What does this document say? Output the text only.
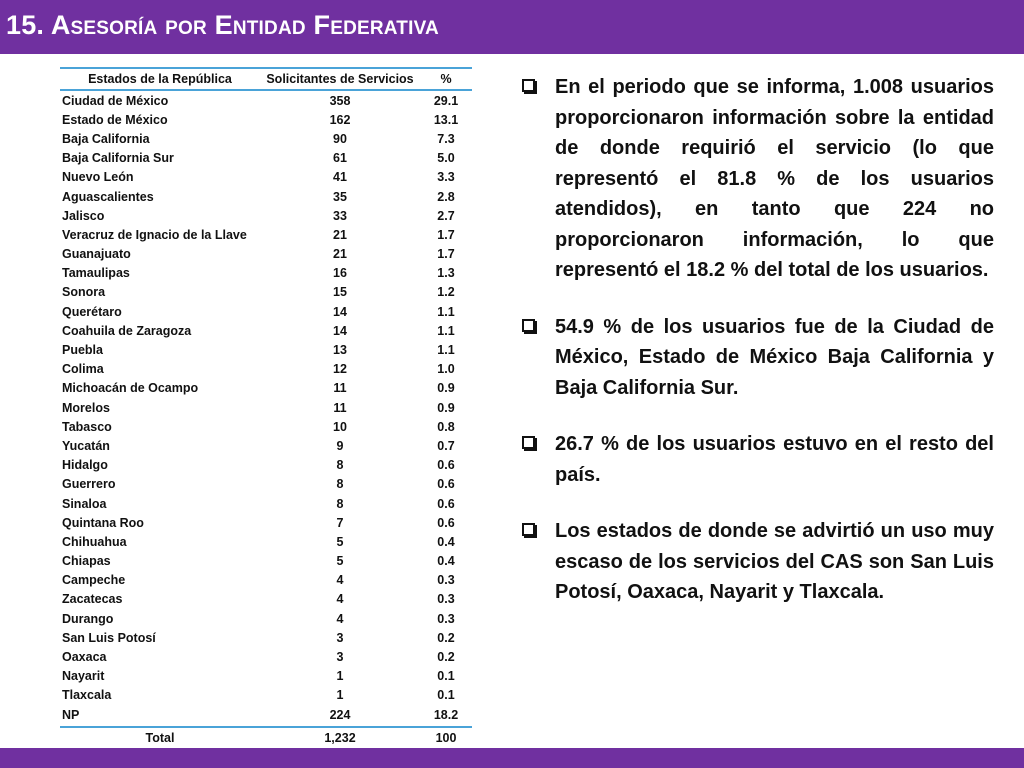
15. Asesoría por Entidad Federativa
Estados de la República	Solicitantes de Servicios	%
Ciudad de México	358	29.1
Estado de México	162	13.1
Baja California	90	7.3
Baja California Sur	61	5.0
Nuevo León	41	3.3
Aguascalientes	35	2.8
Jalisco	33	2.7
Veracruz de Ignacio de la Llave	21	1.7
Guanajuato	21	1.7
Tamaulipas	16	1.3
Sonora	15	1.2
Querétaro	14	1.1
Coahuila de Zaragoza	14	1.1
Puebla	13	1.1
Colima	12	1.0
Michoacán de Ocampo	11	0.9
Morelos	11	0.9
Tabasco	10	0.8
Yucatán	9	0.7
Hidalgo	8	0.6
Guerrero	8	0.6
Sinaloa	8	0.6
Quintana Roo	7	0.6
Chihuahua	5	0.4
Chiapas	5	0.4
Campeche	4	0.3
Zacatecas	4	0.3
Durango	4	0.3
San Luis Potosí	3	0.2
Oaxaca	3	0.2
Nayarit	1	0.1
Tlaxcala	1	0.1
NP	224	18.2
Total	1,232	100
En el periodo que se informa, 1.008 usuarios proporcionaron información sobre la entidad de donde requirió el servicio (lo que representó el 81.8 % de los usuarios atendidos), en tanto que 224 no proporcionaron información, lo que representó el 18.2 % del total de los usuarios.
54.9 % de los usuarios fue de la Ciudad de México, Estado de México Baja California y Baja California Sur.
26.7 % de los usuarios estuvo en el resto del país.
Los estados de donde se advirtió un uso muy escaso de los servicios del CAS son San Luis Potosí, Oaxaca, Nayarit y Tlaxcala.
